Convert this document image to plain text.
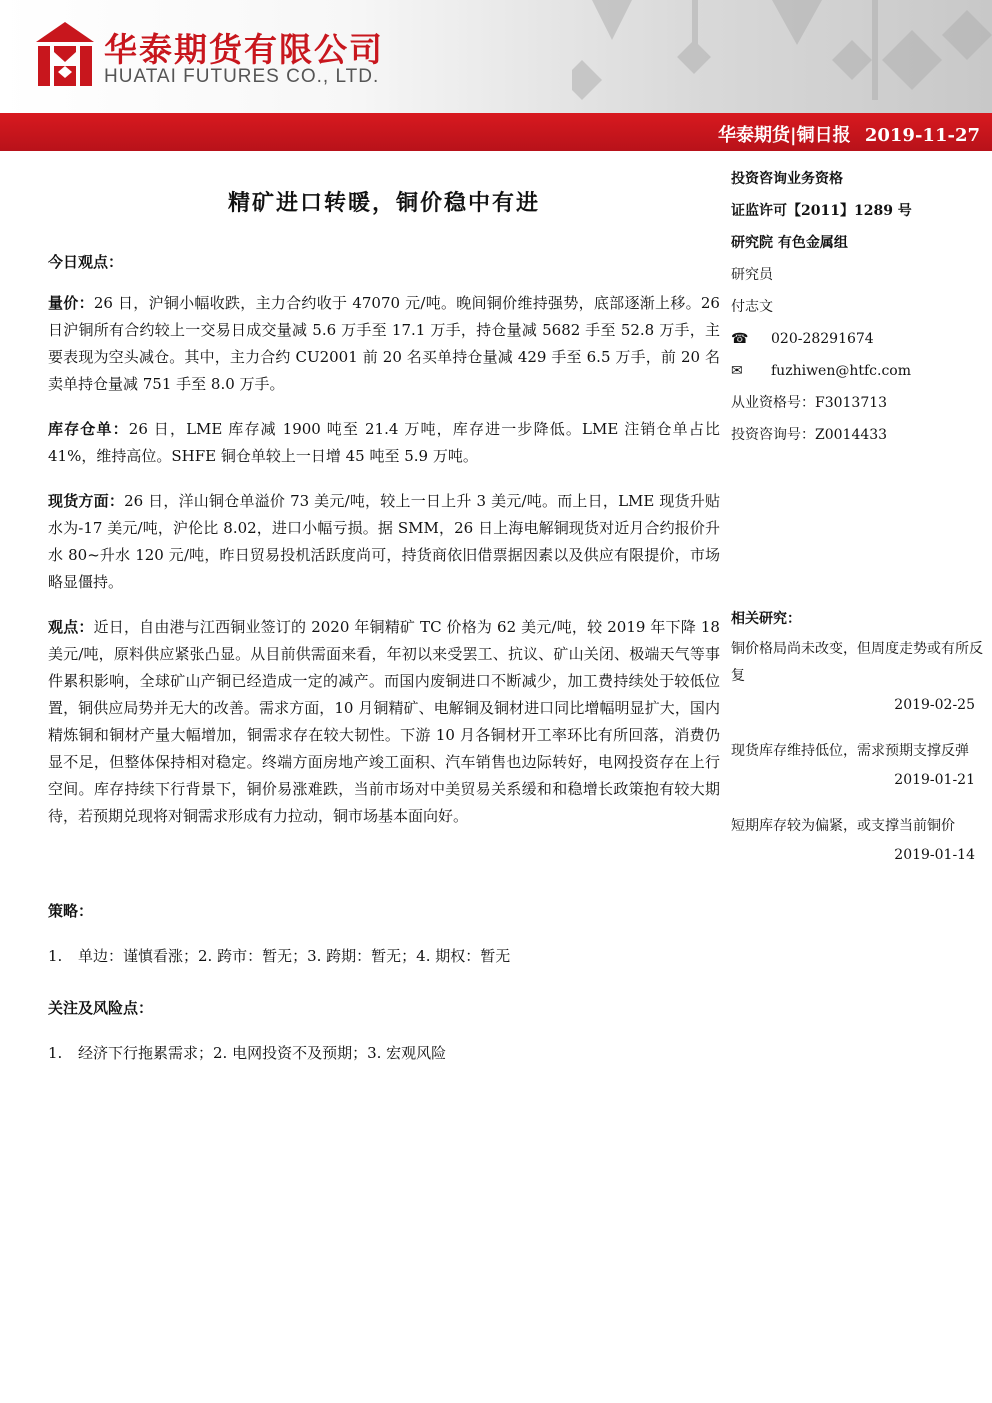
华泰期货有限公司
HUATAI FUTURES CO., LTD.
华泰期货|铜日报 2019-11-27
精矿进口转暖，铜价稳中有进
今日观点：

量价：26 日，沪铜小幅收跌，主力合约收于 47070 元/吨。晚间铜价维持强势，底部逐渐上移。26 日沪铜所有合约较上一交易日成交量减 5.6 万手至 17.1 万手，持仓量减 5682 手至 52.8 万手，主要表现为空头减仓。其中，主力合约 CU2001 前 20 名买单持仓量减 429 手至 6.5 万手，前 20 名卖单持仓量减 751 手至 8.0 万手。

库存仓单：26 日，LME 库存减 1900 吨至 21.4 万吨，库存进一步降低。LME 注销仓单占比 41%，维持高位。SHFE 铜仓单较上一日增 45 吨至 5.9 万吨。

现货方面：26 日，洋山铜仓单溢价 73 美元/吨，较上一日上升 3 美元/吨。而上日，LME 现货升贴水为-17 美元/吨，沪伦比 8.02，进口小幅亏损。据 SMM，26 日上海电解铜现货对近月合约报价升水 80~升水 120 元/吨，昨日贸易投机活跃度尚可，持货商依旧借票据因素以及供应有限提价，市场略显僵持。

观点：近日，自由港与江西铜业签订的 2020 年铜精矿 TC 价格为 62 美元/吨，较 2019 年下降 18 美元/吨，原料供应紧张凸显。从目前供需面来看，年初以来受罢工、抗议、矿山关闭、极端天气等事件累积影响，全球矿山产铜已经造成一定的减产。而国内废铜进口不断减少，加工费持续处于较低位置，铜供应局势并无大的改善。需求方面，10 月铜精矿、电解铜及铜材进口同比增幅明显扩大，国内精炼铜和铜材产量大幅增加，铜需求存在较大韧性。下游 10 月各铜材开工率环比有所回落，消费仍显不足，但整体保持相对稳定。终端方面房地产竣工面积、汽车销售也边际转好，电网投资存在上行空间。库存持续下行背景下，铜价易涨难跌，当前市场对中美贸易关系缓和和稳增长政策抱有较大期待，若预期兑现将对铜需求形成有力拉动，铜市场基本面向好。

策略：
1. 单边：谨慎看涨；2. 跨市：暂无；3. 跨期：暂无；4. 期权：暂无
关注及风险点：
1. 经济下行拖累需求；2. 电网投资不及预期；3. 宏观风险
投资咨询业务资格
证监许可【2011】1289 号
研究院 有色金属组
研究员
付志文
☎ 020-28291674
✉ fuzhiwen@htfc.com
从业资格号：F3013713
投资咨询号：Z0014433
相关研究：
铜价格局尚未改变，但周度走势或有所反复
2019-02-25
现货库存维持低位，需求预期支撑反弹
2019-01-21
短期库存较为偏紧，或支撑当前铜价
2019-01-14
